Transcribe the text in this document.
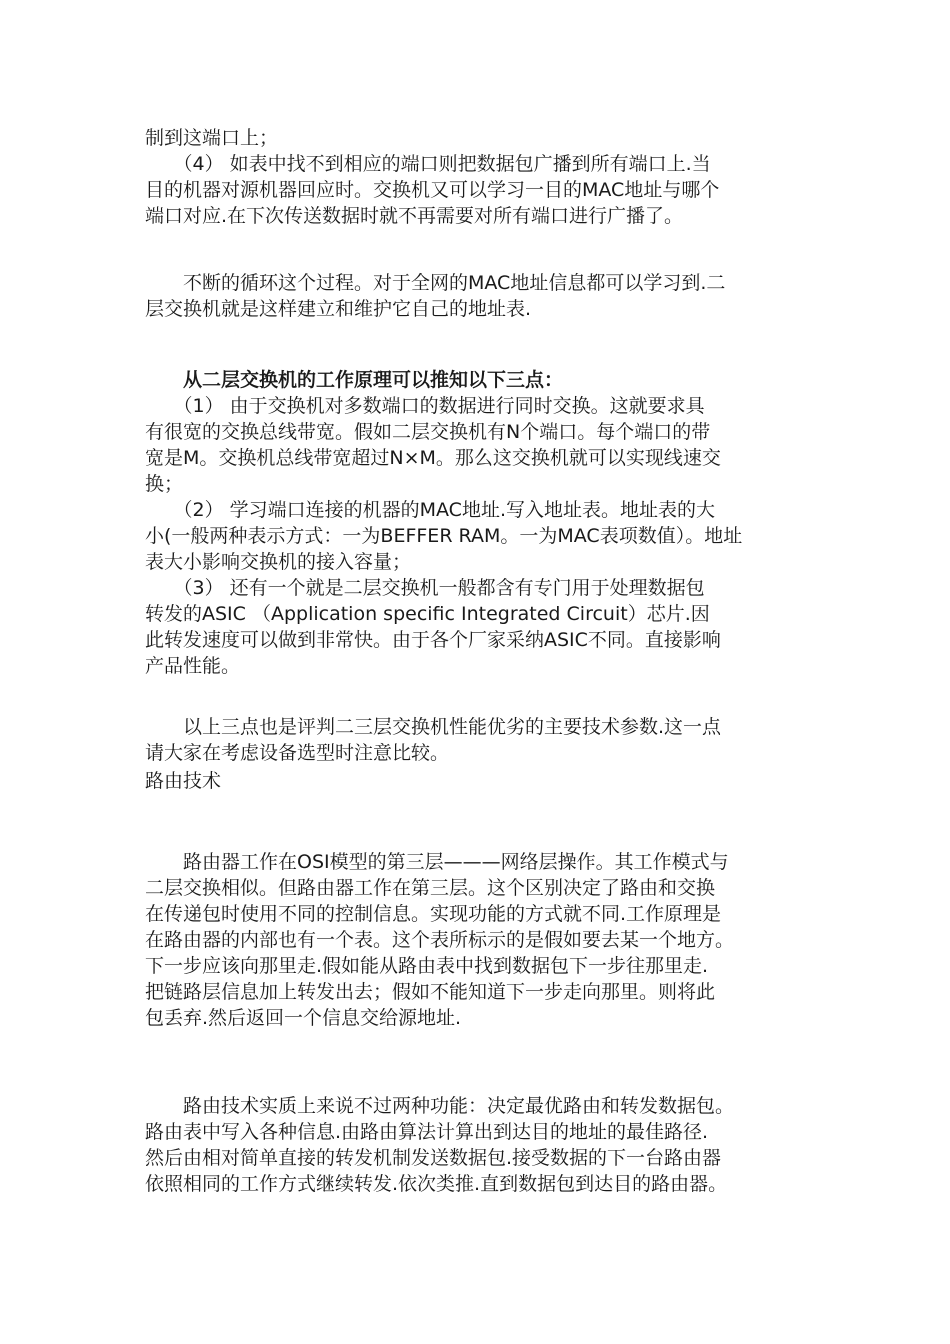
制到这端口上；
　　（4） 如表中找不到相应的端口则把数据包广播到所有端口上.当
目的机器对源机器回应时。交换机又可以学习一目的MAC地址与哪个
端口对应.在下次传送数据时就不再需要对所有端口进行广播了。
　　不断的循环这个过程。对于全网的MAC地址信息都可以学习到.二
层交换机就是这样建立和维护它自己的地址表.
　　从二层交换机的工作原理可以推知以下三点：
　　（1） 由于交换机对多数端口的数据进行同时交换。这就要求具
有很宽的交换总线带宽。假如二层交换机有N个端口。每个端口的带
宽是M。交换机总线带宽超过N×M。那么这交换机就可以实现线速交
换；
　　（2） 学习端口连接的机器的MAC地址.写入地址表。地址表的大
小(一般两种表示方式：一为BEFFER RAM。一为MAC表项数值）。地址
表大小影响交换机的接入容量；
　　（3） 还有一个就是二层交换机一般都含有专门用于处理数据包
转发的ASIC （Application specific Integrated Circuit）芯片.因
此转发速度可以做到非常快。由于各个厂家采纳ASIC不同。直接影响
产品性能。
　　以上三点也是评判二三层交换机性能优劣的主要技术参数.这一点
请大家在考虑设备选型时注意比较。
路由技术
　　路由器工作在OSI模型的第三层———网络层操作。其工作模式与
二层交换相似。但路由器工作在第三层。这个区别决定了路由和交换
在传递包时使用不同的控制信息。实现功能的方式就不同.工作原理是
在路由器的内部也有一个表。这个表所标示的是假如要去某一个地方。
下一步应该向那里走.假如能从路由表中找到数据包下一步往那里走.
把链路层信息加上转发出去；假如不能知道下一步走向那里。则将此
包丢弃.然后返回一个信息交给源地址.
　　路由技术实质上来说不过两种功能：决定最优路由和转发数据包。
路由表中写入各种信息.由路由算法计算出到达目的地址的最佳路径.
然后由相对简单直接的转发机制发送数据包.接受数据的下一台路由器
依照相同的工作方式继续转发.依次类推.直到数据包到达目的路由器。
